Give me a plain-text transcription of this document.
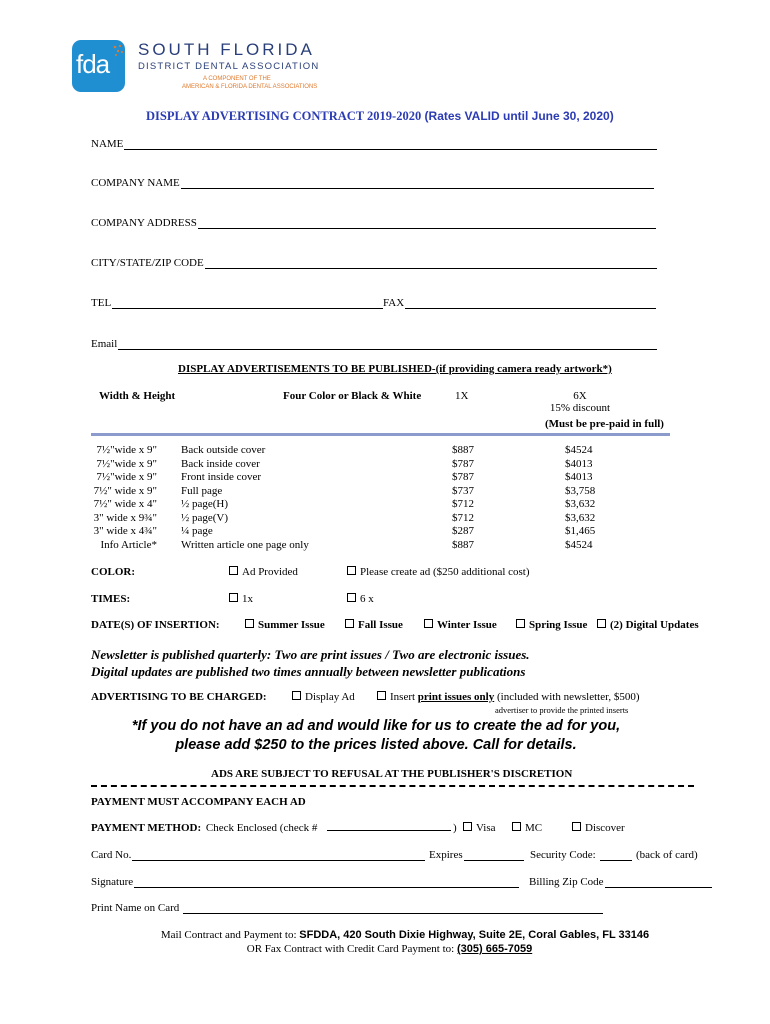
fda SOUTH FLORIDA
DISTRICT DENTAL ASSOCIATION
A COMPONENT OF THE
AMERICAN & FLORIDA DENTAL ASSOCIATIONS
DISPLAY ADVERTISING CONTRACT 2019-2020 (Rates VALID until June 30, 2020)
NAME
COMPANY NAME
COMPANY ADDRESS
CITY/STATE/ZIP CODE
TEL	FAX
Email
DISPLAY ADVERTISEMENTS TO BE PUBLISHED-(if providing camera ready artwork*)
Width & Height	Four Color or Black & White	1X	6X
15% discount
(Must be pre-paid in full)
7½"wide x 9" Back outside cover	$887	$4524
7½"wide x 9" Back inside cover	$787	$4013
7½"wide x 9" Front inside cover	$787	$4013
7½" wide x 9" Full page	$737	$3,758
7½" wide x 4" ½ page(H)	$712	$3,632
3" wide x 9¾" ½ page(V)	$712	$3,632
3" wide x 4¾" ¼ page	$287	$1,465
Info Article* Written article one page only	$887	$4524
COLOR:	Ad Provided	Please create ad ($250 additional cost)
TIMES:	1x	6 x
DATE(S) OF INSERTION:	Summer Issue	Fall Issue	Winter Issue	Spring Issue	(2) Digital Updates
Newsletter is published quarterly: Two are print issues / Two are electronic issues.
Digital updates are published two times annually between newsletter publications
ADVERTISING TO BE CHARGED:	Display Ad	Insert print issues only (included with newsletter, $500)
advertiser to provide the printed inserts
*If you do not have an ad and would like for us to create the ad for you,
please add $250 to the prices listed above. Call for details.
ADS ARE SUBJECT TO REFUSAL AT THE PUBLISHER'S DISCRETION
PAYMENT MUST ACCOMPANY EACH AD
PAYMENT METHOD: Check Enclosed (check #	)	Visa	MC	Discover
Card No.	Expires	Security Code:	(back of card)
Signature	Billing Zip Code
Print Name on Card
Mail Contract and Payment to: SFDDA, 420 South Dixie Highway, Suite 2E, Coral Gables, FL 33146
OR Fax Contract with Credit Card Payment to: (305) 665-7059
